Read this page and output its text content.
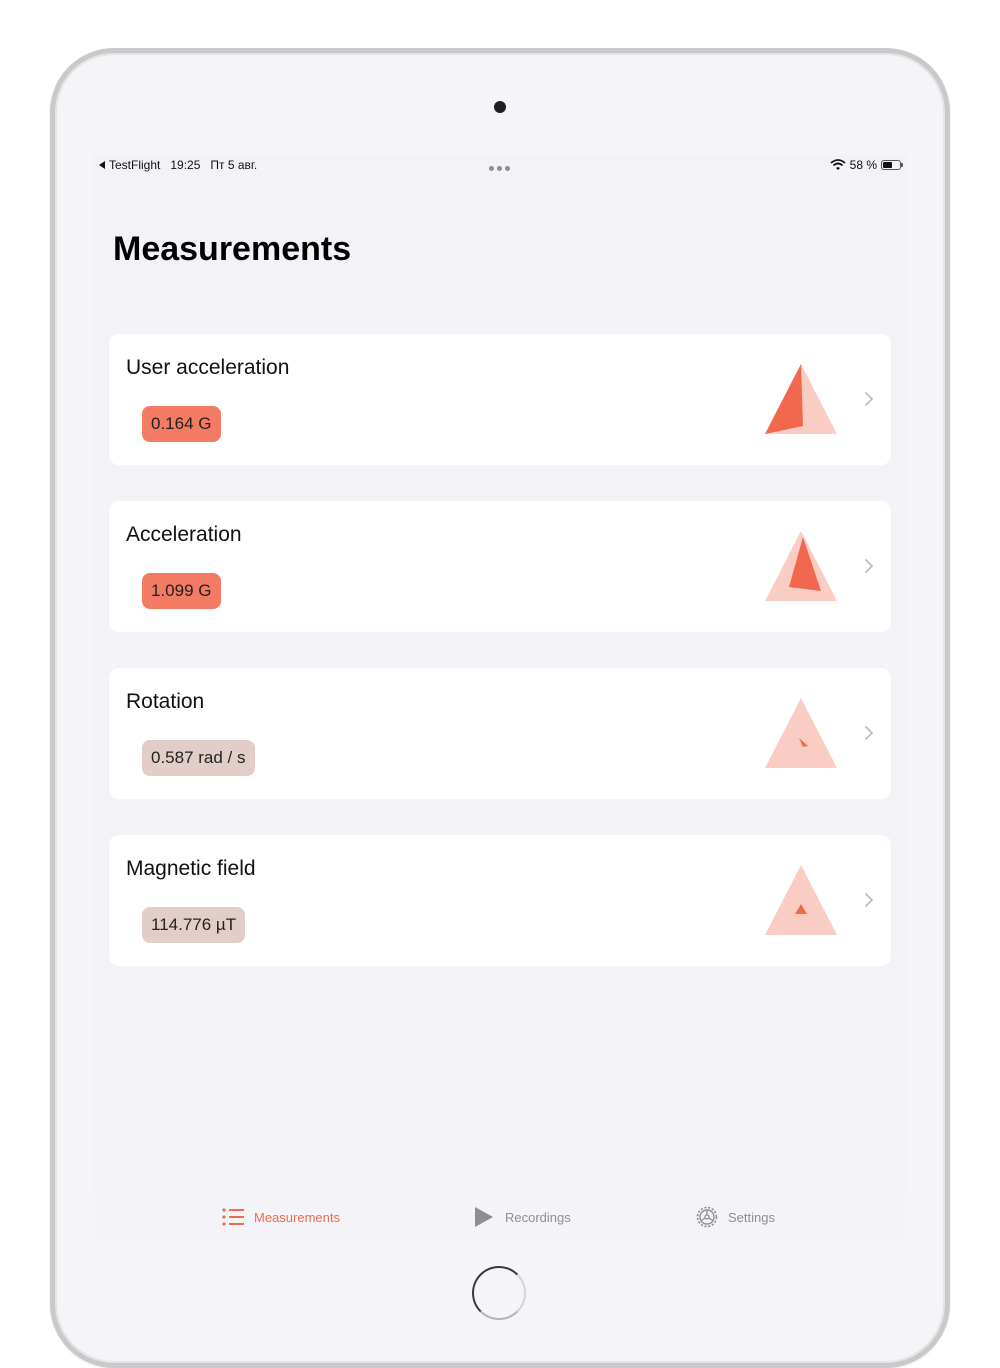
TestFlight 19:25 Пт 5 авг.	58 %
Measurements
User acceleration
0.164 G
Acceleration
1.099 G
Rotation
0.587 rad / s
Magnetic field
114.776 µT
Measurements	Recordings	Settings
